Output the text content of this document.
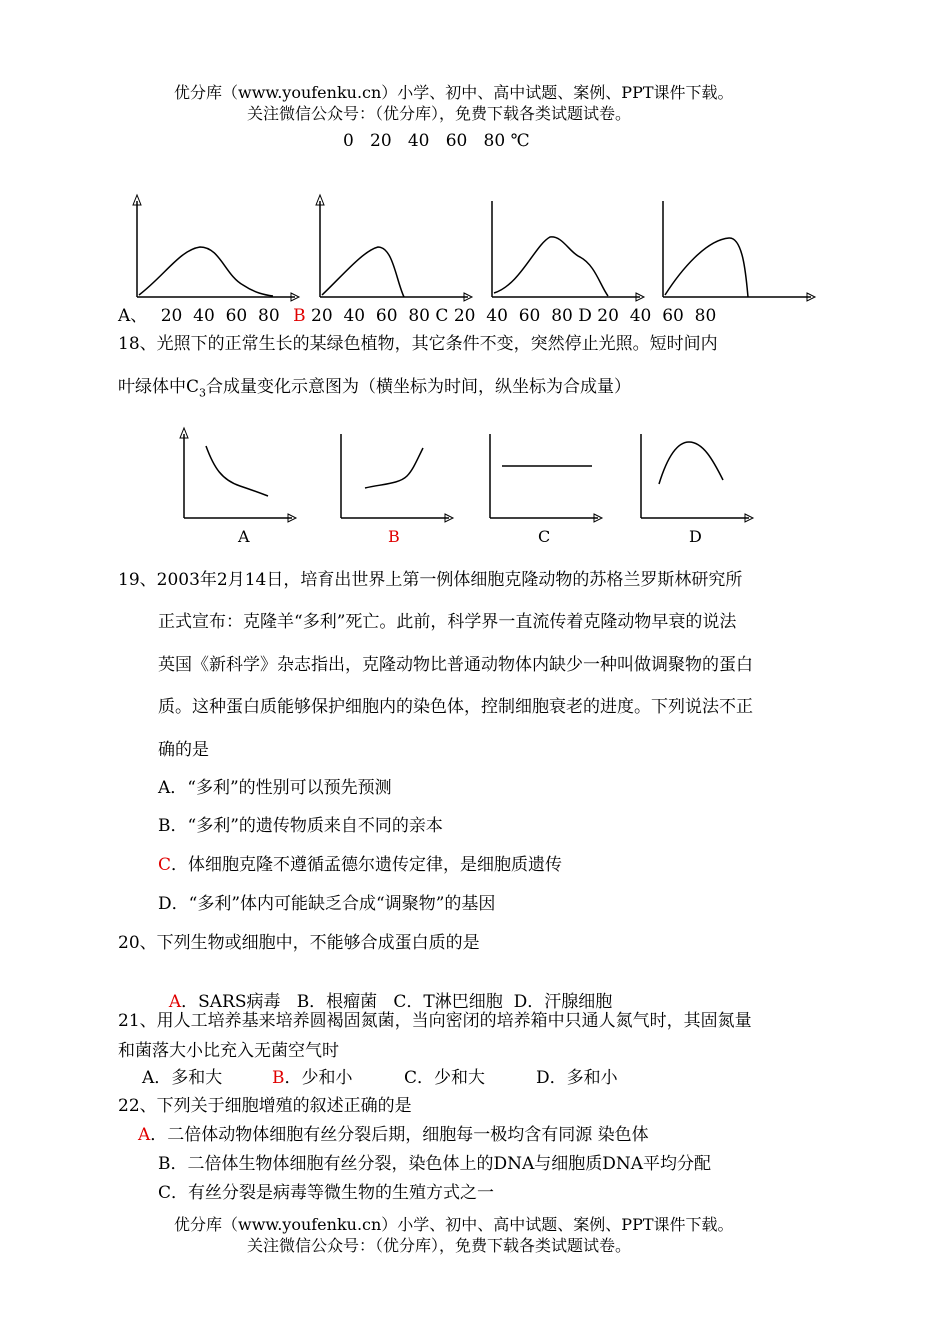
优分库（www.youfenku.cn）小学、初中、高中试题、案例、PPT课件下载。
关注微信公众号：（优分库），免费下载各类试题试卷。
0   20   40   60   80 ℃
A、 20 40 60 80 B 20 40 60 80 C 20 40 60 80 D 20 40 60 80
18、光照下的正常生长的某绿色植物，其它条件不变，突然停止光照。短时间内
叶绿体中$C_3$合成量变化示意图为（横坐标为时间，纵坐标为合成量）
A	B	C	D
19、2003年2月14日，培育出世界上第一例体细胞克隆动物的苏格兰罗斯林研究所
正式宣布：克隆羊“多利”死亡。此前，科学界一直流传着克隆动物早衰的说法
英国《新科学》杂志指出，克隆动物比普通动物体内缺少一种叫做调聚物的蛋白
质。这种蛋白质能够保护细胞内的染色体，控制细胞衰老的进度。下列说法不正
确的是
A．“多利”的性别可以预先预测
B．“多利”的遗传物质来自不同的亲本
C．体细胞克隆不遵循孟德尔遗传定律，是细胞质遗传
D．“多利”体内可能缺乏合成“调聚物”的基因
20、下列生物或细胞中，不能够合成蛋白质的是

A．SARS病毒 B．根瘤菌 C．T淋巴细胞 D．汗腺细胞

21、用人工培养基来培养圆褐固氮菌，当向密闭的培养箱中只通人氮气时，其固氮量
和菌落大小比充入无菌空气时
A．多和大	B．少和小	C．少和大	D．多和小
22、下列关于细胞增殖的叙述正确的是
A．二倍体动物体细胞有丝分裂后期，细胞每一极均含有同源 染色体
B．二倍体生物体细胞有丝分裂，染色体上的DNA与细胞质DNA平均分配
C．有丝分裂是病毒等微生物的生殖方式之一
优分库（www.youfenku.cn）小学、初中、高中试题、案例、PPT课件下载。
关注微信公众号：（优分库），免费下载各类试题试卷。
